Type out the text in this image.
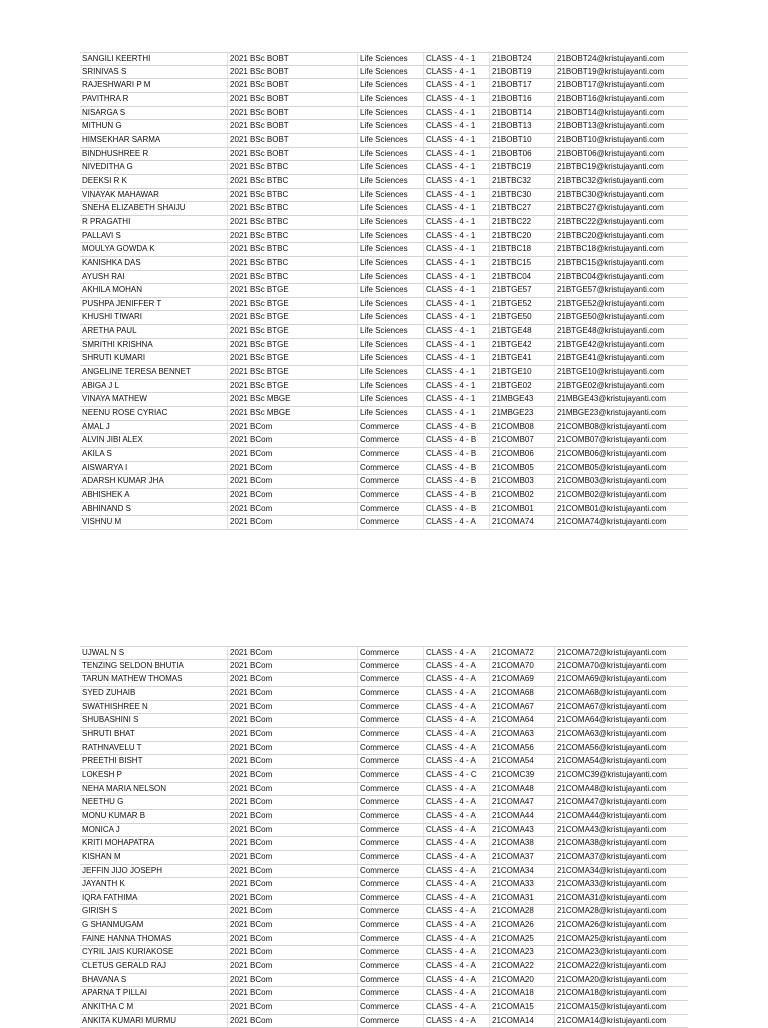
SANGILI KEERTHI	2021 BSc BOBT	Life Sciences	CLASS - 4 - 1	21BOBT24	21BOBT24@kristujayanti.com
SRINIVAS S	2021 BSc BOBT	Life Sciences	CLASS - 4 - 1	21BOBT19	21BOBT19@kristujayanti.com
RAJESHWARI P M	2021 BSc BOBT	Life Sciences	CLASS - 4 - 1	21BOBT17	21BOBT17@kristujayanti.com
PAVITHRA R	2021 BSc BOBT	Life Sciences	CLASS - 4 - 1	21BOBT16	21BOBT16@kristujayanti.com
NISARGA S	2021 BSc BOBT	Life Sciences	CLASS - 4 - 1	21BOBT14	21BOBT14@kristujayanti.com
MITHUN G	2021 BSc BOBT	Life Sciences	CLASS - 4 - 1	21BOBT13	21BOBT13@kristujayanti.com
HIMSEKHAR SARMA	2021 BSc BOBT	Life Sciences	CLASS - 4 - 1	21BOBT10	21BOBT10@kristujayanti.com
BINDHUSHREE R	2021 BSc BOBT	Life Sciences	CLASS - 4 - 1	21BOBT06	21BOBT06@kristujayanti.com
NIVEDITHA G	2021 BSc BTBC	Life Sciences	CLASS - 4 - 1	21BTBC19	21BTBC19@kristujayanti.com
DEEKSI R K	2021 BSc BTBC	Life Sciences	CLASS - 4 - 1	21BTBC32	21BTBC32@kristujayanti.com
VINAYAK MAHAWAR	2021 BSc BTBC	Life Sciences	CLASS - 4 - 1	21BTBC30	21BTBC30@kristujayanti.com
SNEHA ELIZABETH SHAIJU	2021 BSc BTBC	Life Sciences	CLASS - 4 - 1	21BTBC27	21BTBC27@kristujayanti.com
R PRAGATHI	2021 BSc BTBC	Life Sciences	CLASS - 4 - 1	21BTBC22	21BTBC22@kristujayanti.com
PALLAVI S	2021 BSc BTBC	Life Sciences	CLASS - 4 - 1	21BTBC20	21BTBC20@kristujayanti.com
MOULYA GOWDA K	2021 BSc BTBC	Life Sciences	CLASS - 4 - 1	21BTBC18	21BTBC18@kristujayanti.com
KANISHKA DAS	2021 BSc BTBC	Life Sciences	CLASS - 4 - 1	21BTBC15	21BTBC15@kristujayanti.com
AYUSH RAI	2021 BSc BTBC	Life Sciences	CLASS - 4 - 1	21BTBC04	21BTBC04@kristujayanti.com
AKHILA MOHAN	2021 BSc BTGE	Life Sciences	CLASS - 4 - 1	21BTGE57	21BTGE57@kristujayanti.com
PUSHPA JENIFFER T	2021 BSc BTGE	Life Sciences	CLASS - 4 - 1	21BTGE52	21BTGE52@kristujayanti.com
KHUSHI TIWARI	2021 BSc BTGE	Life Sciences	CLASS - 4 - 1	21BTGE50	21BTGE50@kristujayanti.com
ARETHA PAUL	2021 BSc BTGE	Life Sciences	CLASS - 4 - 1	21BTGE48	21BTGE48@kristujayanti.com
SMRITHI KRISHNA	2021 BSc BTGE	Life Sciences	CLASS - 4 - 1	21BTGE42	21BTGE42@kristujayanti.com
SHRUTI KUMARI	2021 BSc BTGE	Life Sciences	CLASS - 4 - 1	21BTGE41	21BTGE41@kristujayanti.com
ANGELINE TERESA BENNET	2021 BSc BTGE	Life Sciences	CLASS - 4 - 1	21BTGE10	21BTGE10@kristujayanti.com
ABIGA J L	2021 BSc BTGE	Life Sciences	CLASS - 4 - 1	21BTGE02	21BTGE02@kristujayanti.com
VINAYA MATHEW	2021 BSc MBGE	Life Sciences	CLASS - 4 - 1	21MBGE43	21MBGE43@kristujayanti.com
NEENU ROSE CYRIAC	2021 BSc MBGE	Life Sciences	CLASS - 4 - 1	21MBGE23	21MBGE23@kristujayanti.com
AMAL J	2021 BCom	Commerce	CLASS - 4 - B	21COMB08	21COMB08@kristujayanti.com
ALVIN JIBI ALEX	2021 BCom	Commerce	CLASS - 4 - B	21COMB07	21COMB07@kristujayanti.com
AKILA S	2021 BCom	Commerce	CLASS - 4 - B	21COMB06	21COMB06@kristujayanti.com
AISWARYA I	2021 BCom	Commerce	CLASS - 4 - B	21COMB05	21COMB05@kristujayanti.com
ADARSH KUMAR JHA	2021 BCom	Commerce	CLASS - 4 - B	21COMB03	21COMB03@kristujayanti.com
ABHISHEK A	2021 BCom	Commerce	CLASS - 4 - B	21COMB02	21COMB02@kristujayanti.com
ABHINAND S	2021 BCom	Commerce	CLASS - 4 - B	21COMB01	21COMB01@kristujayanti.com
VISHNU M	2021 BCom	Commerce	CLASS - 4 - A	21COMA74	21COMA74@kristujayanti.com
UJWAL N S	2021 BCom	Commerce	CLASS - 4 - A	21COMA72	21COMA72@kristujayanti.com
TENZING SELDON BHUTIA	2021 BCom	Commerce	CLASS - 4 - A	21COMA70	21COMA70@kristujayanti.com
TARUN MATHEW THOMAS	2021 BCom	Commerce	CLASS - 4 - A	21COMA69	21COMA69@kristujayanti.com
SYED ZUHAIB	2021 BCom	Commerce	CLASS - 4 - A	21COMA68	21COMA68@kristujayanti.com
SWATHISHREE N	2021 BCom	Commerce	CLASS - 4 - A	21COMA67	21COMA67@kristujayanti.com
SHUBASHINI S	2021 BCom	Commerce	CLASS - 4 - A	21COMA64	21COMA64@kristujayanti.com
SHRUTI BHAT	2021 BCom	Commerce	CLASS - 4 - A	21COMA63	21COMA63@kristujayanti.com
RATHNAVELU T	2021 BCom	Commerce	CLASS - 4 - A	21COMA56	21COMA56@kristujayanti.com
PREETHI BISHT	2021 BCom	Commerce	CLASS - 4 - A	21COMA54	21COMA54@kristujayanti.com
LOKESH P	2021 BCom	Commerce	CLASS - 4 - C	21COMC39	21COMC39@kristujayanti.com
NEHA MARIA NELSON	2021 BCom	Commerce	CLASS - 4 - A	21COMA48	21COMA48@kristujayanti.com
NEETHU G	2021 BCom	Commerce	CLASS - 4 - A	21COMA47	21COMA47@kristujayanti.com
MONU KUMAR B	2021 BCom	Commerce	CLASS - 4 - A	21COMA44	21COMA44@kristujayanti.com
MONICA J	2021 BCom	Commerce	CLASS - 4 - A	21COMA43	21COMA43@kristujayanti.com
KRITI MOHAPATRA	2021 BCom	Commerce	CLASS - 4 - A	21COMA38	21COMA38@kristujayanti.com
KISHAN M	2021 BCom	Commerce	CLASS - 4 - A	21COMA37	21COMA37@kristujayanti.com
JEFFIN JIJO JOSEPH	2021 BCom	Commerce	CLASS - 4 - A	21COMA34	21COMA34@kristujayanti.com
JAYANTH K	2021 BCom	Commerce	CLASS - 4 - A	21COMA33	21COMA33@kristujayanti.com
IQRA FATHIMA	2021 BCom	Commerce	CLASS - 4 - A	21COMA31	21COMA31@kristujayanti.com
GIRISH S	2021 BCom	Commerce	CLASS - 4 - A	21COMA28	21COMA28@kristujayanti.com
G SHANMUGAM	2021 BCom	Commerce	CLASS - 4 - A	21COMA26	21COMA26@kristujayanti.com
FAINE HANNA THOMAS	2021 BCom	Commerce	CLASS - 4 - A	21COMA25	21COMA25@kristujayanti.com
CYRIL JAIS KURIAKOSE	2021 BCom	Commerce	CLASS - 4 - A	21COMA23	21COMA23@kristujayanti.com
CLETUS GERALD RAJ	2021 BCom	Commerce	CLASS - 4 - A	21COMA22	21COMA22@kristujayanti.com
BHAVANA S	2021 BCom	Commerce	CLASS - 4 - A	21COMA20	21COMA20@kristujayanti.com
APARNA T PILLAI	2021 BCom	Commerce	CLASS - 4 - A	21COMA18	21COMA18@kristujayanti.com
ANKITHA C M	2021 BCom	Commerce	CLASS - 4 - A	21COMA15	21COMA15@kristujayanti.com
ANKITA KUMARI MURMU	2021 BCom	Commerce	CLASS - 4 - A	21COMA14	21COMA14@kristujayanti.com
